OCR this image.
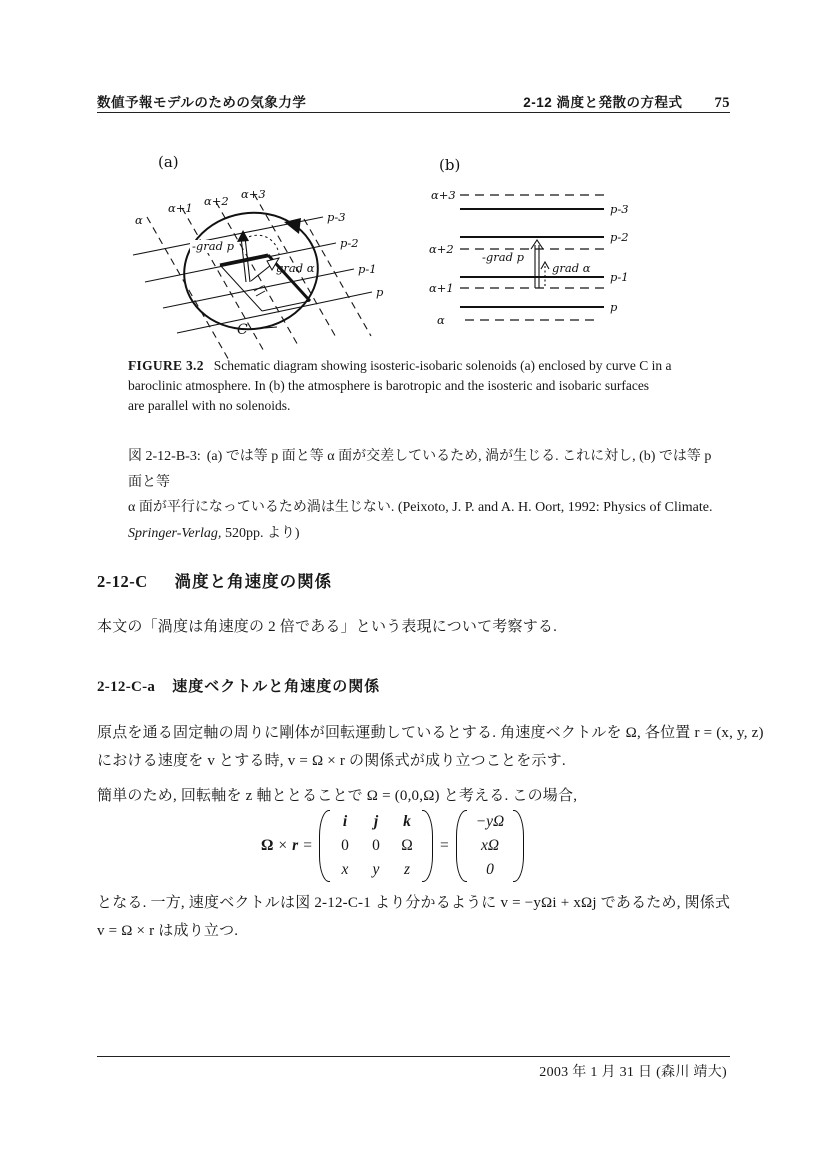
数値予報モデルのための気象力学	2-12 渦度と発散の方程式 75
(a)
α
α+1 α+2 α+3
p-3
p-2
p-1
p
-grad p
grad α
C
(b)
α+3
α+2
α+1
α
p-3
p-2
p-1
p
-grad p
grad α
FIGURE 3.2 Schematic diagram showing isosteric-isobaric solenoids (a) enclosed by curve C in a
baroclinic atmosphere. In (b) the atmosphere is barotropic and the isosteric and isobaric surfaces
are parallel with no solenoids.
図 2-12-B-3: (a) では等 p 面と等 α 面が交差しているため, 渦が生じる. これに対し, (b) では等 p 面と等
α 面が平行になっているため渦は生じない. (Peixoto, J. P. and A. H. Oort, 1992: Physics of Climate.
Springer-Verlag, 520pp. より)
2-12-C 渦度と角速度の関係
本文の「渦度は角速度の 2 倍である」という表現について考察する.
2-12-C-a 速度ベクトルと角速度の関係
原点を通る固定軸の周りに剛体が回転運動しているとする. 角速度ベクトルを Ω, 各位置 r = (x, y, z)
における速度を v とする時, v = Ω × r の関係式が成り立つことを示す.
簡単のため, 回転軸を z 軸ととることで Ω = (0,0,Ω) と考える. この場合,
Ω × r =
i	j	k
0 0 Ω
x y	z
=
−yΩ
xΩ
0
となる. 一方, 速度ベクトルは図 2-12-C-1 より分かるように v = −yΩi + xΩj であるため, 関係式
v = Ω × r は成り立つ.
2003 年 1 月 31 日 (森川 靖大)
